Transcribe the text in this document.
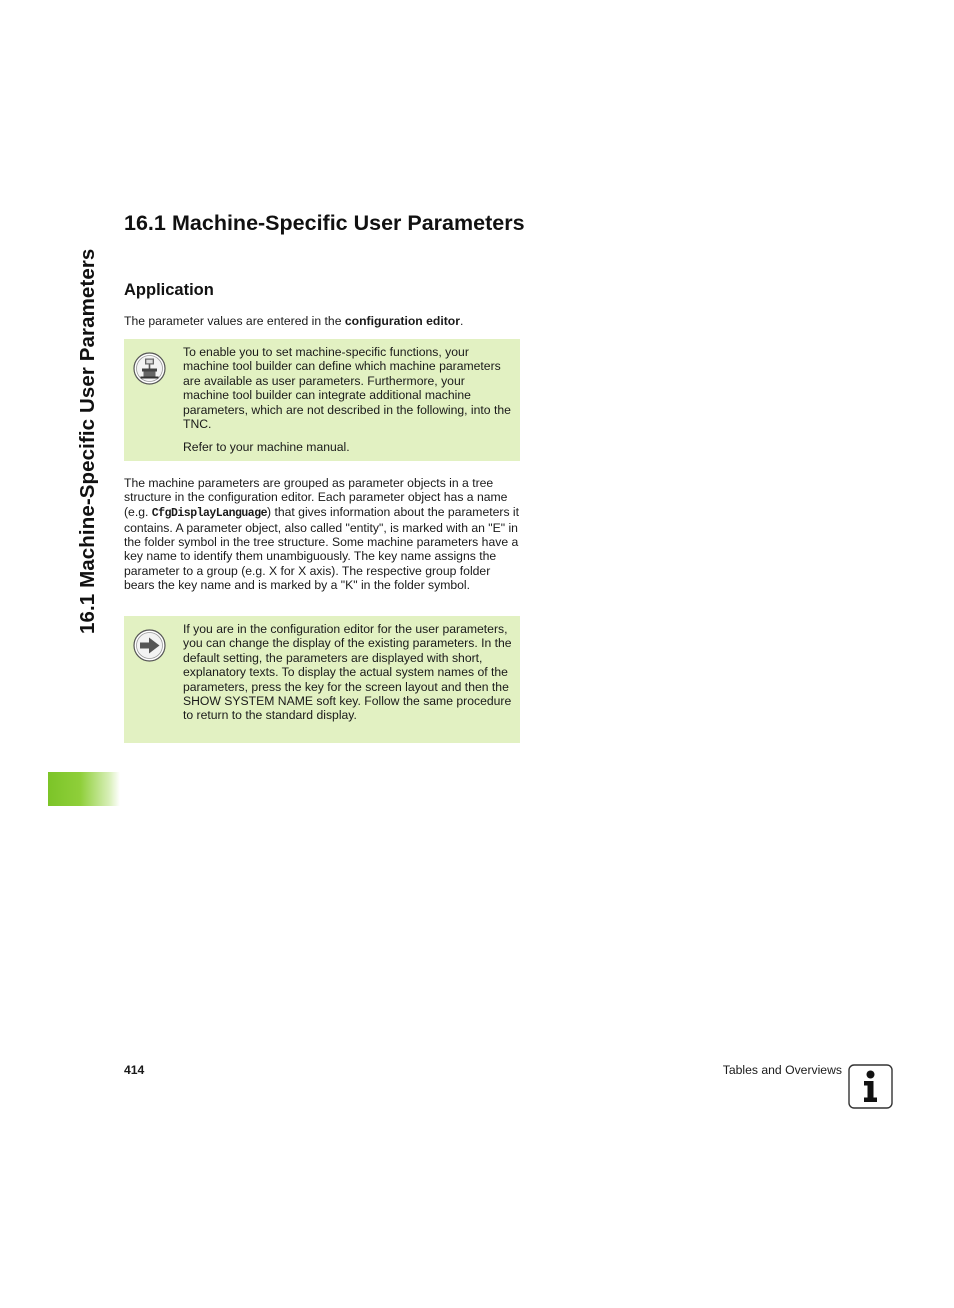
16.1 Machine-Specific User Parameters
16.1 Machine-Specific User Parameters
Application
The parameter values are entered in the configuration editor.

To enable you to set machine-specific functions, your machine tool builder can define which machine parameters are available as user parameters. Furthermore, your machine tool builder can integrate additional machine parameters, which are not described in the following, into the TNC.

Refer to your machine manual.

The machine parameters are grouped as parameter objects in a tree structure in the configuration editor. Each parameter object has a name (e.g. CfgDisplayLanguage) that gives information about the parameters it contains. A parameter object, also called "entity", is marked with an "E" in the folder symbol in the tree structure. Some machine parameters have a key name to identify them unambiguously. The key name assigns the parameter to a group (e.g. X for X axis). The respective group folder bears the key name and is marked by a "K" in the folder symbol.

If you are in the configuration editor for the user parameters, you can change the display of the existing parameters. In the default setting, the parameters are displayed with short, explanatory texts. To display the actual system names of the parameters, press the key for the screen layout and then the SHOW SYSTEM NAME soft key. Follow the same procedure to return to the standard display.

414	Tables and Overviews
